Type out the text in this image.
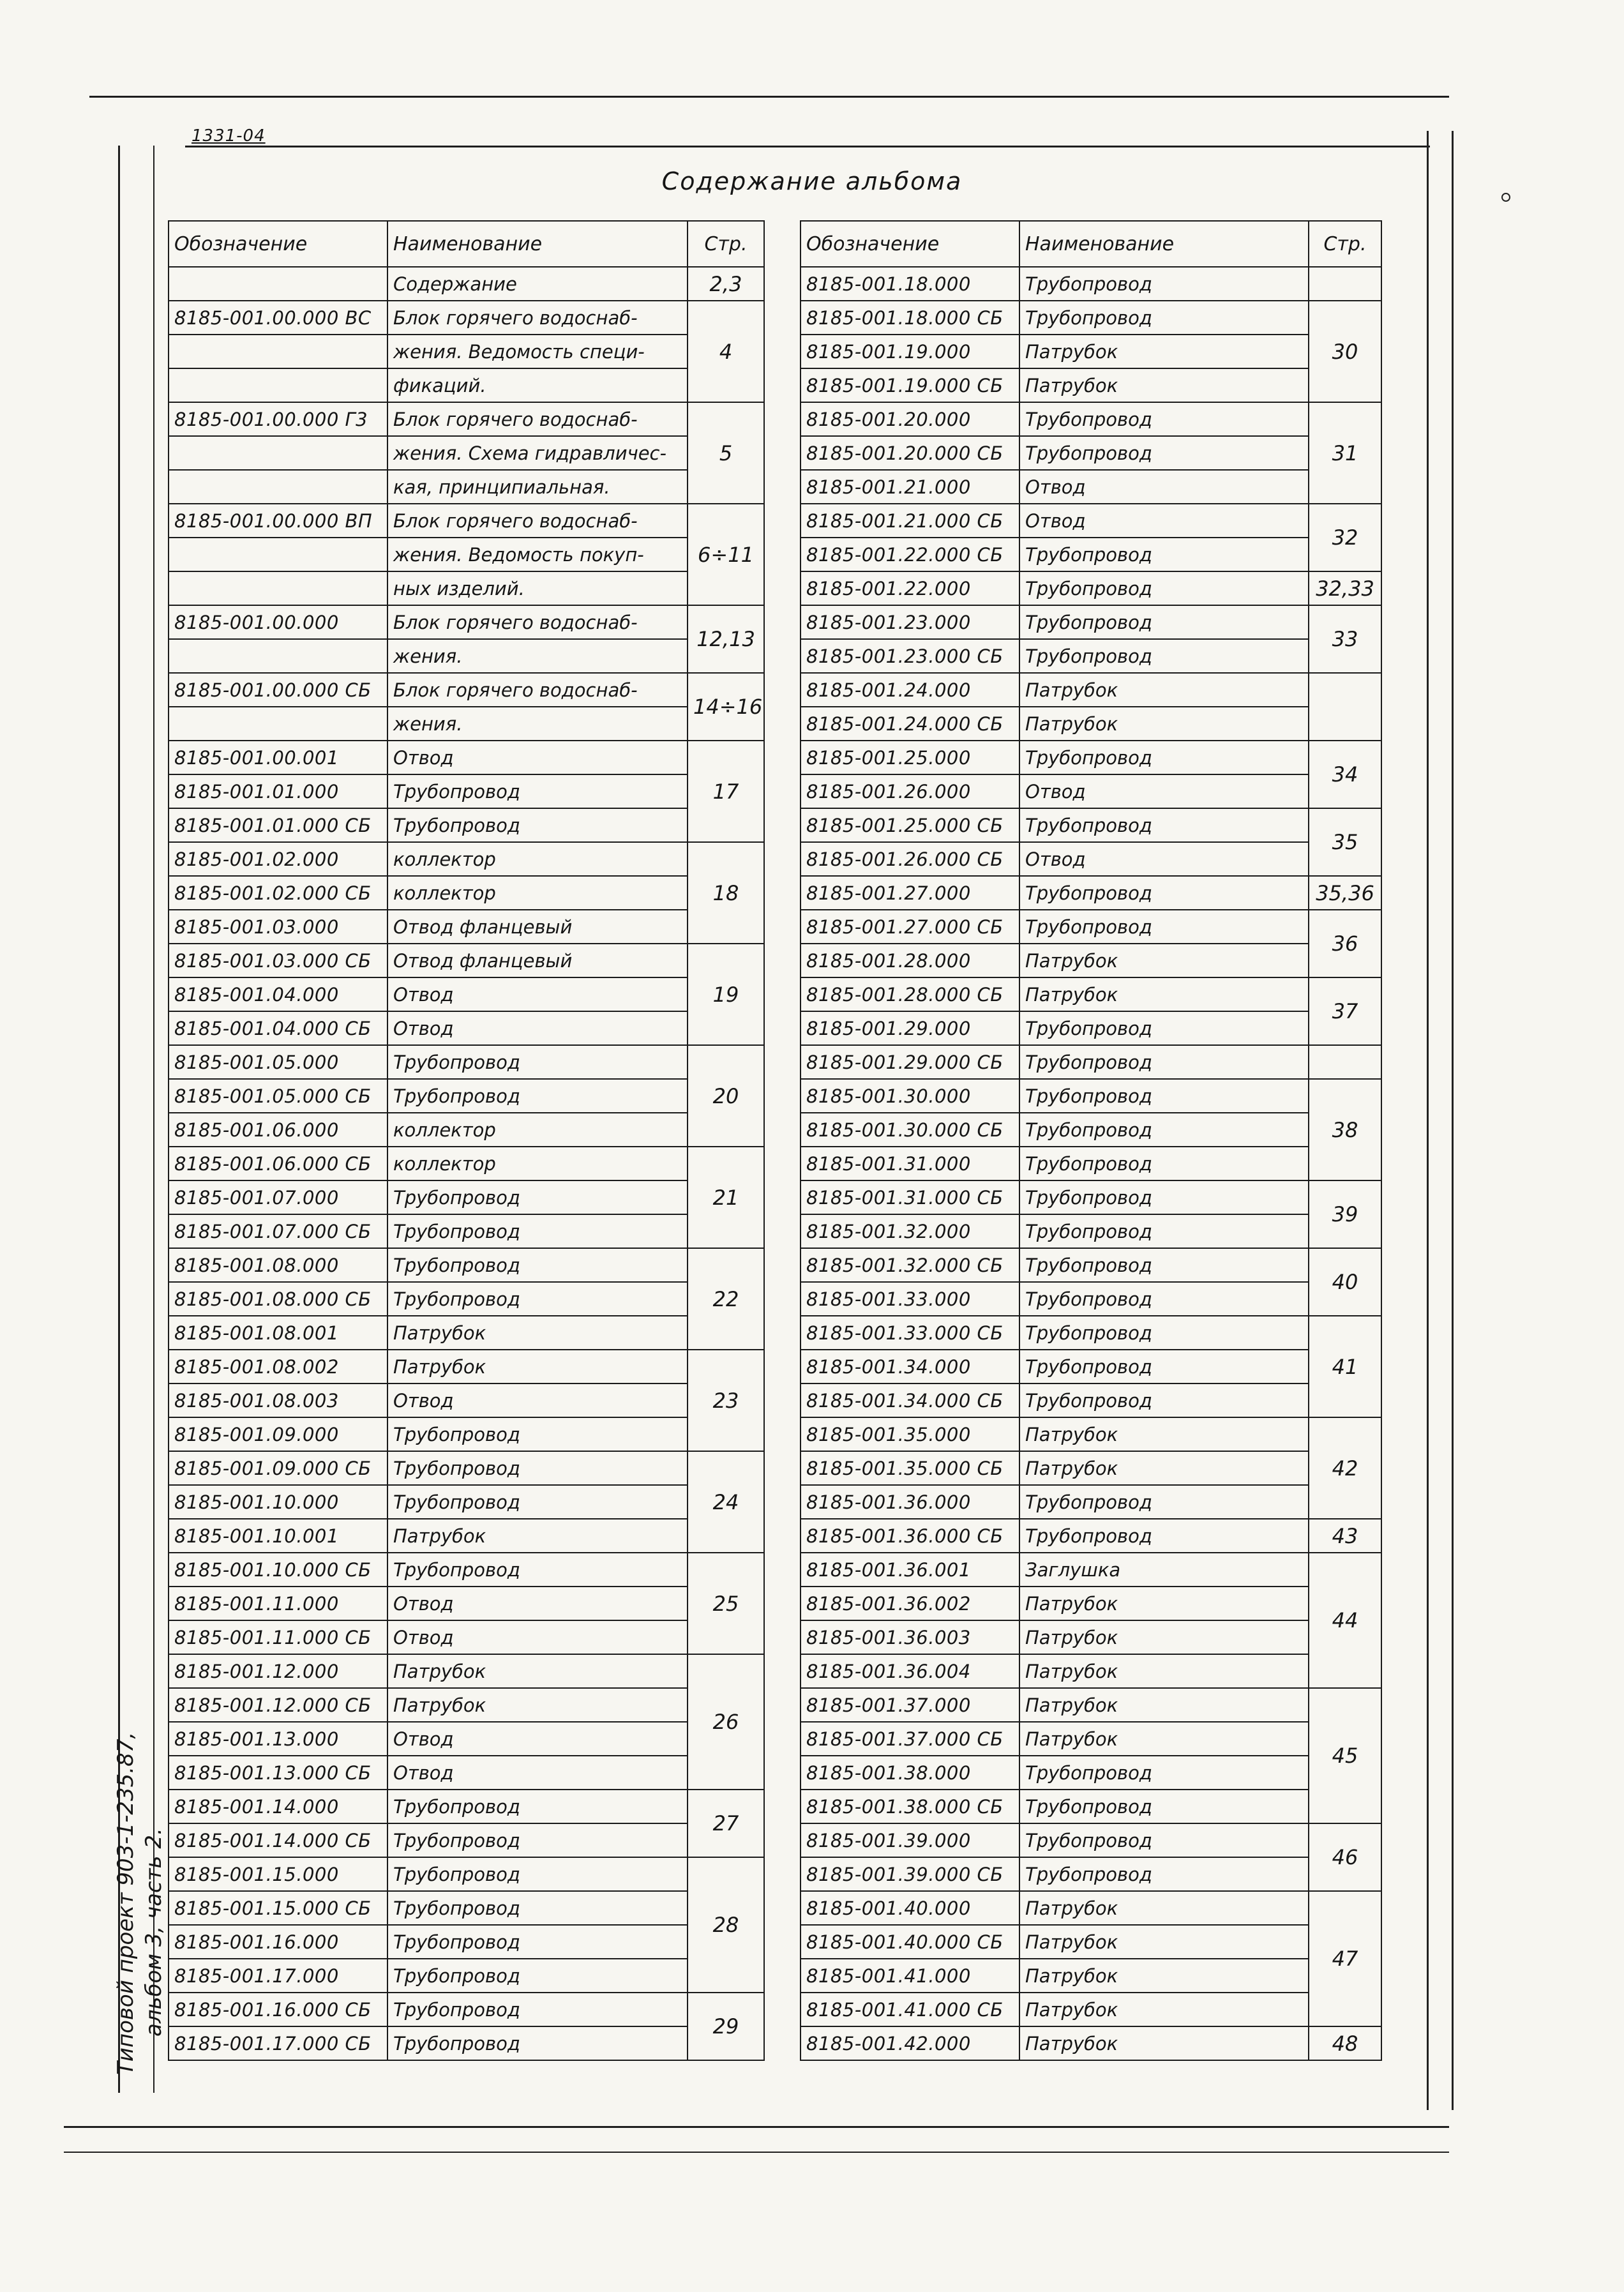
1331-04
Содержание альбома
Обозначение	Наименование	Стр.
	Содержание	2,3
8185-001.00.000 ВС	Блок горячего водоснаб-	4
	жения. Ведомость специ-	
	фикаций.	
8185-001.00.000 Г3	Блок горячего водоснаб-	5
	жения. Схема гидравличес-	
	кая, принципиальная.	
8185-001.00.000 ВП	Блок горячего водоснаб-	6÷11
	жения. Ведомость покуп-	
	ных изделий.	
8185-001.00.000	Блок горячего водоснаб-	12,13
	жения.	
8185-001.00.000 СБ	Блок горячего водоснаб-	14÷16
	жения.	
8185-001.00.001	Отвод	17
8185-001.01.000	Трубопровод	
8185-001.01.000 СБ	Трубопровод	
8185-001.02.000	коллектор	18
8185-001.02.000 СБ	коллектор	
8185-001.03.000	Отвод фланцевый	
8185-001.03.000 СБ	Отвод фланцевый	19
8185-001.04.000	Отвод	
8185-001.04.000 СБ	Отвод	
8185-001.05.000	Трубопровод	20
8185-001.05.000 СБ	Трубопровод	
8185-001.06.000	коллектор	
8185-001.06.000 СБ	коллектор	21
8185-001.07.000	Трубопровод	
8185-001.07.000 СБ	Трубопровод	
8185-001.08.000	Трубопровод	22
8185-001.08.000 СБ	Трубопровод	
8185-001.08.001	Патрубок	
8185-001.08.002	Патрубок	23
8185-001.08.003	Отвод	
8185-001.09.000	Трубопровод	
8185-001.09.000 СБ	Трубопровод	24
8185-001.10.000	Трубопровод	
8185-001.10.001	Патрубок	
8185-001.10.000 СБ	Трубопровод	25
8185-001.11.000	Отвод	
8185-001.11.000 СБ	Отвод	
8185-001.12.000	Патрубок	26
8185-001.12.000 СБ	Патрубок	
8185-001.13.000	Отвод	
8185-001.13.000 СБ	Отвод	
8185-001.14.000	Трубопровод	27
8185-001.14.000 СБ	Трубопровод	
8185-001.15.000	Трубопровод	28
8185-001.15.000 СБ	Трубопровод	
8185-001.16.000	Трубопровод	
8185-001.17.000	Трубопровод	
8185-001.16.000 СБ	Трубопровод	29
8185-001.17.000 СБ	Трубопровод	
Обозначение	Наименование	Стр.
8185-001.18.000	Трубопровод	
8185-001.18.000 СБ	Трубопровод	30
8185-001.19.000	Патрубок	
8185-001.19.000 СБ	Патрубок	
8185-001.20.000	Трубопровод	31
8185-001.20.000 СБ	Трубопровод	
8185-001.21.000	Отвод	
8185-001.21.000 СБ	Отвод	32
8185-001.22.000 СБ	Трубопровод	
8185-001.22.000	Трубопровод	32,33
8185-001.23.000	Трубопровод	33
8185-001.23.000 СБ	Трубопровод	
8185-001.24.000	Патрубок	
8185-001.24.000 СБ	Патрубок	
8185-001.25.000	Трубопровод	34
8185-001.26.000	Отвод	
8185-001.25.000 СБ	Трубопровод	35
8185-001.26.000 СБ	Отвод	
8185-001.27.000	Трубопровод	35,36
8185-001.27.000 СБ	Трубопровод	36
8185-001.28.000	Патрубок	
8185-001.28.000 СБ	Патрубок	37
8185-001.29.000	Трубопровод	
8185-001.29.000 СБ	Трубопровод	
8185-001.30.000	Трубопровод	38
8185-001.30.000 СБ	Трубопровод	
8185-001.31.000	Трубопровод	
8185-001.31.000 СБ	Трубопровод	39
8185-001.32.000	Трубопровод	
8185-001.32.000 СБ	Трубопровод	40
8185-001.33.000	Трубопровод	
8185-001.33.000 СБ	Трубопровод	41
8185-001.34.000	Трубопровод	
8185-001.34.000 СБ	Трубопровод	
8185-001.35.000	Патрубок	42
8185-001.35.000 СБ	Патрубок	
8185-001.36.000	Трубопровод	
8185-001.36.000 СБ	Трубопровод	43
8185-001.36.001	Заглушка	44
8185-001.36.002	Патрубок	
8185-001.36.003	Патрубок	
8185-001.36.004	Патрубок	
8185-001.37.000	Патрубок	45
8185-001.37.000 СБ	Патрубок	
8185-001.38.000	Трубопровод	
8185-001.38.000 СБ	Трубопровод	
8185-001.39.000	Трубопровод	46
8185-001.39.000 СБ	Трубопровод	
8185-001.40.000	Патрубок	47
8185-001.40.000 СБ	Патрубок	
8185-001.41.000	Патрубок	
8185-001.41.000 СБ	Патрубок	
8185-001.42.000	Патрубок	48
Типовой проект 903-1-235.87, альбом 3, часть 2.
